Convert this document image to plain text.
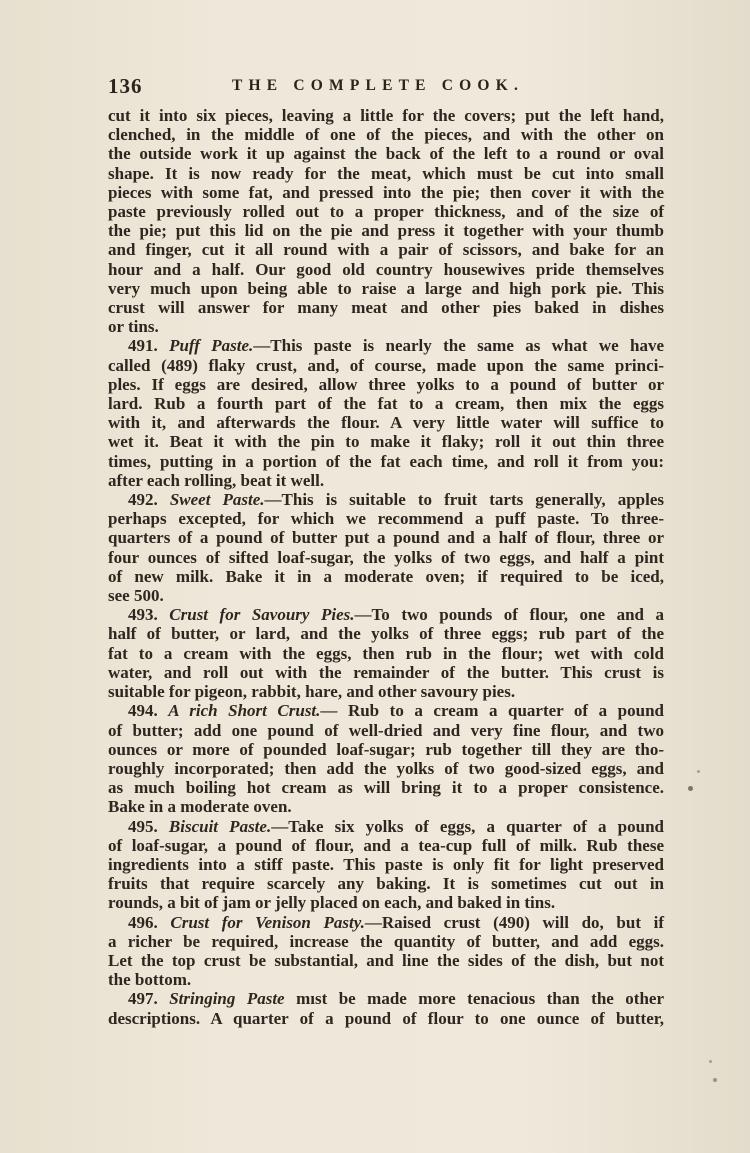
136	THE COMPLETE COOK.
cut it into six pieces, leaving a little for the covers; put the left hand,
clenched, in the middle of one of the pieces, and with the other on
the outside work it up against the back of the left to a round or oval
shape. It is now ready for the meat, which must be cut into small
pieces with some fat, and pressed into the pie; then cover it with the
paste previously rolled out to a proper thickness, and of the size of
the pie; put this lid on the pie and press it together with your thumb
and finger, cut it all round with a pair of scissors, and bake for an
hour and a half. Our good old country housewives pride themselves
very much upon being able to raise a large and high pork pie. This
crust will answer for many meat and other pies baked in dishes
or tins.
491. Puff Paste.—This paste is nearly the same as what we have
called (489) flaky crust, and, of course, made upon the same princi-
ples. If eggs are desired, allow three yolks to a pound of butter or
lard. Rub a fourth part of the fat to a cream, then mix the eggs
with it, and afterwards the flour. A very little water will suffice to
wet it. Beat it with the pin to make it flaky; roll it out thin three
times, putting in a portion of the fat each time, and roll it from you:
after each rolling, beat it well.
492. Sweet Paste.—This is suitable to fruit tarts generally, apples
perhaps excepted, for which we recommend a puff paste. To three-
quarters of a pound of butter put a pound and a half of flour, three or
four ounces of sifted loaf-sugar, the yolks of two eggs, and half a pint
of new milk. Bake it in a moderate oven; if required to be iced,
see 500.
493. Crust for Savoury Pies.—To two pounds of flour, one and a
half of butter, or lard, and the yolks of three eggs; rub part of the
fat to a cream with the eggs, then rub in the flour; wet with cold
water, and roll out with the remainder of the butter. This crust is
suitable for pigeon, rabbit, hare, and other savoury pies.
494. A rich Short Crust.— Rub to a cream a quarter of a pound
of butter; add one pound of well-dried and very fine flour, and two
ounces or more of pounded loaf-sugar; rub together till they are tho-
roughly incorporated; then add the yolks of two good-sized eggs, and
as much boiling hot cream as will bring it to a proper consistence.
Bake in a moderate oven.
495. Biscuit Paste.—Take six yolks of eggs, a quarter of a pound
of loaf-sugar, a pound of flour, and a tea-cup full of milk. Rub these
ingredients into a stiff paste. This paste is only fit for light preserved
fruits that require scarcely any baking. It is sometimes cut out in
rounds, a bit of jam or jelly placed on each, and baked in tins.
496. Crust for Venison Pasty.—Raised crust (490) will do, but if
a richer be required, increase the quantity of butter, and add eggs.
Let the top crust be substantial, and line the sides of the dish, but not
the bottom.
497. Stringing Paste mıst be made more tenacious than the other
descriptions. A quarter of a pound of flour to one ounce of butter,
